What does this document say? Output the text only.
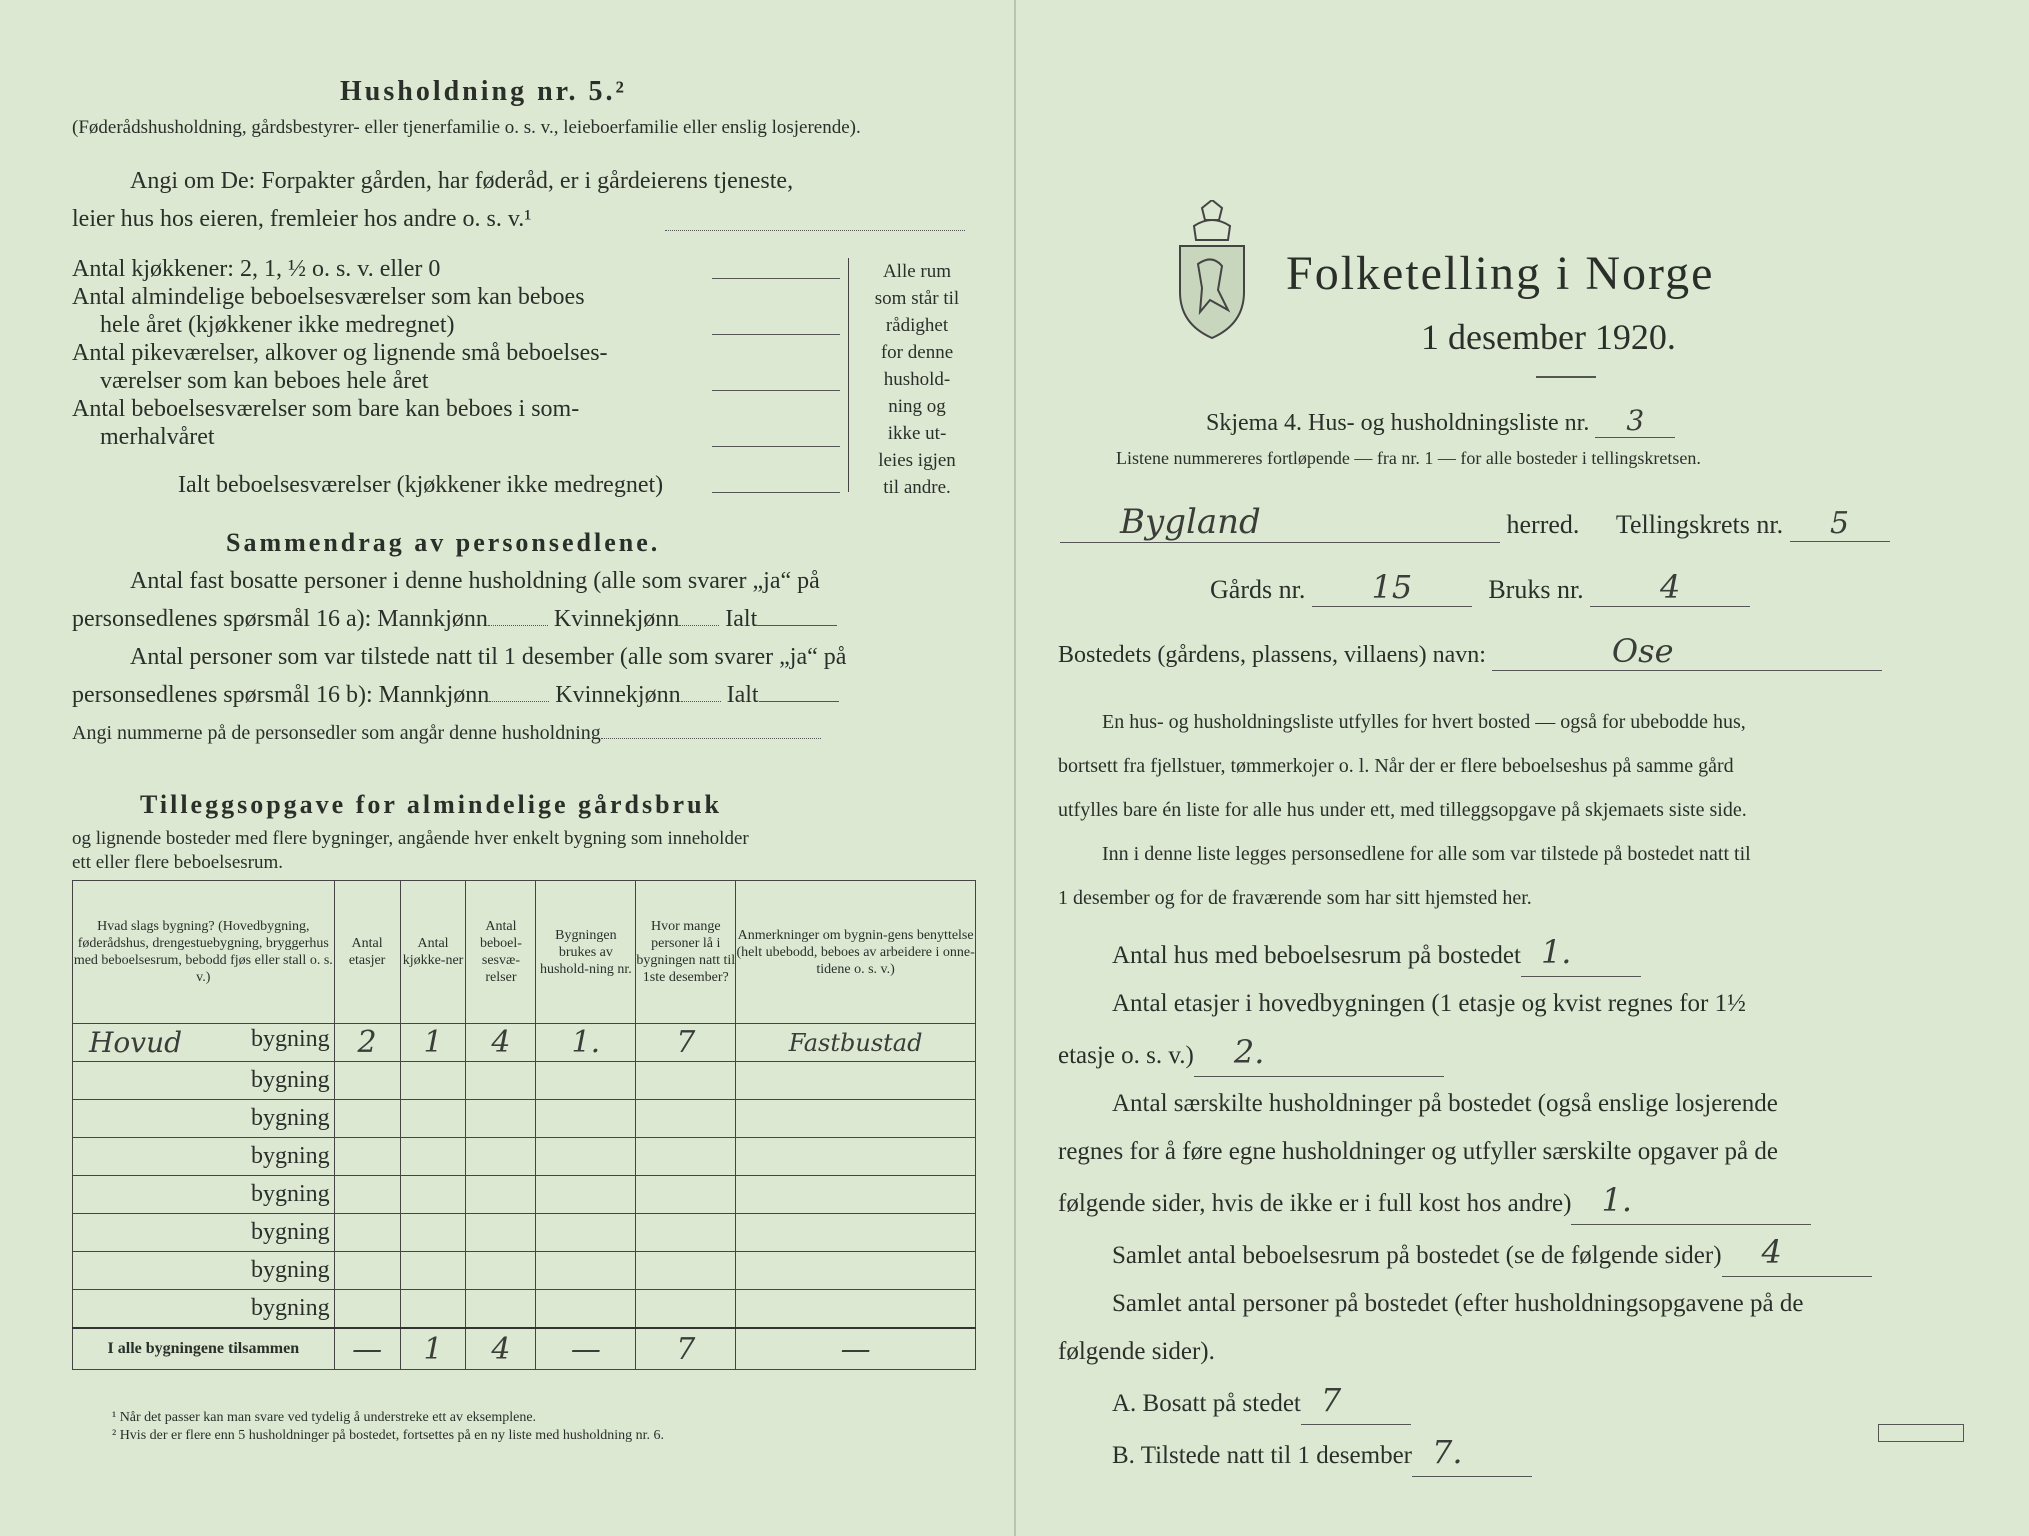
Husholdning nr. 5.²
(Føderådshusholdning, gårdsbestyrer- eller tjenerfamilie o. s. v., leieboerfamilie eller enslig losjerende).
Angi om De: Forpakter gården, har føderåd, er i gårdeierens tjeneste,
leier hus hos eieren, fremleier hos andre o. s. v.¹
Antal kjøkkener: 2, 1, ½ o. s. v. eller 0
Antal almindelige beboelsesværelser som kan beboes
hele året (kjøkkener ikke medregnet)
Antal pikeværelser, alkover og lignende små beboelses-
værelser som kan beboes hele året
Antal beboelsesværelser som bare kan beboes i som-
merhalvåret
Ialt beboelsesværelser (kjøkkener ikke medregnet)
Alle rum
som står til
rådighet
for denne
hushold-
ning og
ikke ut-
leies igjen
til andre.
Sammendrag av personsedlene.
Antal fast bosatte personer i denne husholdning (alle som svarer „ja“ på
personsedlenes spørsmål 16 a): Mannkjønn	Kvinnekjønn Ialt
Antal personer som var tilstede natt til 1 desember (alle som svarer „ja“ på
personsedlenes spørsmål 16 b): Mannkjønn	Kvinnekjønn Ialt
Angi nummerne på de personsedler som angår denne husholdning
Tilleggsopgave for almindelige gårdsbruk
og lignende bosteder med flere bygninger, angående hver enkelt bygning som inneholder
ett eller flere beboelsesrum.
Hvad slags bygning? (Hovedbygning, føderådshus, drengestuebygning, bryggerhus med beboelsesrum, bebodd fjøs eller stall o. s. v.)	Antal etasjer	Antal kjøkke-ner	Antal beboel-sesvæ-relser	Bygningen brukes av hushold-ning nr.	Hvor mange personer lå i bygningen natt til 1ste desember?	Anmerkninger om bygnin-gens benyttelse (helt ubebodd, beboes av arbeidere i onne-tidene o. s. v.)

Hovud bygning	2	1	4	1.	7	Fastbustad
bygning						
bygning						
bygning						
bygning						
bygning						
bygning						
bygning						
I alle bygningene tilsammen	—	1	4	—	7	—
¹ Når det passer kan man svare ved tydelig å understreke ett av eksemplene.
² Hvis der er flere enn 5 husholdninger på bostedet, fortsettes på en ny liste med husholdning nr. 6.
Folketelling i Norge
1 desember 1920.
Skjema 4. Hus- og husholdningsliste nr. 3
Listene nummereres fortløpende — fra nr. 1 — for alle bosteder i tellingskretsen.
Bygland	herred. Tellingskrets nr. 5
Gårds nr. 15	Bruks nr. 4
Bostedets (gårdens, plassens, villaens) navn:	Ose
En hus- og husholdningsliste utfylles for hvert bosted — også for ubebodde hus,
bortsett fra fjellstuer, tømmerkojer o. l. Når der er flere beboelseshus på samme gård
utfylles bare én liste for alle hus under ett, med tilleggsopgave på skjemaets siste side.
Inn i denne liste legges personsedlene for alle som var tilstede på bostedet natt til
1 desember og for de fraværende som har sitt hjemsted her.
Antal hus med beboelsesrum på bostedet 1.
Antal etasjer i hovedbygningen (1 etasje og kvist regnes for 1½
etasje o. s. v.) 2.
Antal særskilte husholdninger på bostedet (også enslige losjerende
regnes for å føre egne husholdninger og utfyller særskilte opgaver på de
følgende sider, hvis de ikke er i full kost hos andre) 1.
Samlet antal beboelsesrum på bostedet (se de følgende sider) 4
Samlet antal personer på bostedet (efter husholdningsopgavene på de
følgende sider).
A. Bosatt på stedet 7
B. Tilstede natt til 1 desember 7.
